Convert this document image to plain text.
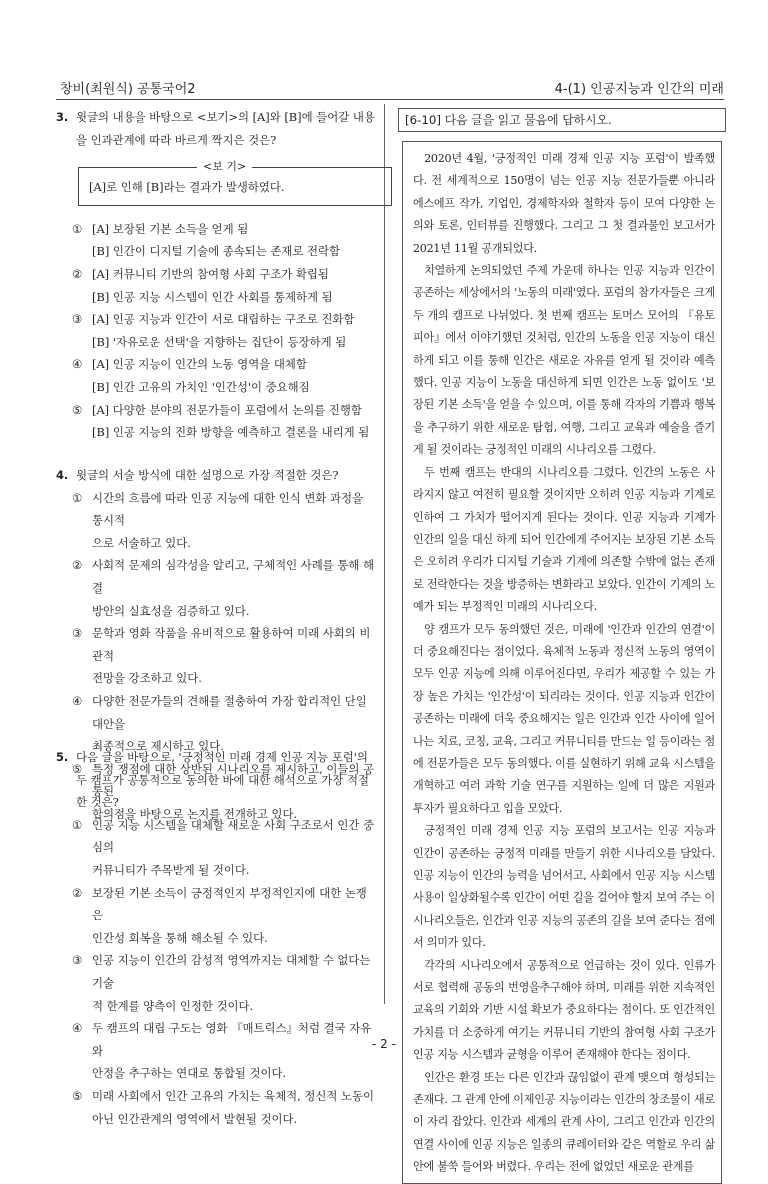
창비(최원식) 공통국어2	4-(1) 인공지능과 인간의 미래
3. 윗글의 내용을 바탕으로 <보기>의 [A]와 [B]에 들어갈 내용을 인과관계에 따라 바르게 짝지은 것은?
<보 기>
[A]로 인해 [B]라는 결과가 발생하였다.
① [A] 보장된 기본 소득을 얻게 됨
[B] 인간이 디지털 기술에 종속되는 존재로 전락함
② [A] 커뮤니티 기반의 참여형 사회 구조가 확립됨
[B] 인공 지능 시스템이 인간 사회를 통제하게 됨
③ [A] 인공 지능과 인간이 서로 대립하는 구조로 진화함
[B] '자유로운 선택'을 지향하는 집단이 등장하게 됨
④ [A] 인공 지능이 인간의 노동 영역을 대체함
[B] 인간 고유의 가치인 '인간성'이 중요해짐
⑤ [A] 다양한 분야의 전문가들이 포럼에서 논의를 진행함
[B] 인공 지능의 진화 방향을 예측하고 결론을 내리게 됨
4. 윗글의 서술 방식에 대한 설명으로 가장 적절한 것은?
① 시간의 흐름에 따라 인공 지능에 대한 인식 변화 과정을 통시적
으로 서술하고 있다.
② 사회적 문제의 심각성을 알리고, 구체적인 사례를 통해 해결
방안의 실효성을 검증하고 있다.
③ 문학과 영화 작품을 유비적으로 활용하여 미래 사회의 비관적
전망을 강조하고 있다.
④ 다양한 전문가들의 견해를 절충하여 가장 합리적인 단일 대안을
최종적으로 제시하고 있다.
⑤ 특정 쟁점에 대한 상반된 시나리오를 제시하고, 이들의 공통된
합의점을 바탕으로 논지를 전개하고 있다.
5. 다음 글을 바탕으로, '긍정적인 미래 경제 인공 지능 포럼'의 두 캠프가 공통적으로 동의한 바에 대한 해석으로 가장 적절한 것은?
① 인공 지능 시스템을 대체할 새로운 사회 구조로서 인간 중심의
커뮤니티가 주목받게 될 것이다.
② 보장된 기본 소득이 긍정적인지 부정적인지에 대한 논쟁은
인간성 회복을 통해 해소될 수 있다.
③ 인공 지능이 인간의 감성적 영역까지는 대체할 수 없다는 기술
적 한계를 양측이 인정한 것이다.
④ 두 캠프의 대립 구도는 영화 『매트릭스』처럼 결국 자유와
안정을 추구하는 연대로 통합될 것이다.
⑤ 미래 사회에서 인간 고유의 가치는 육체적, 정신적 노동이
아닌 인간관계의 영역에서 발현될 것이다.
[6-10] 다음 글을 읽고 물음에 답하시오.

2020년 4월, '긍정적인 미래 경제 인공 지능 포럼'이 발족했다. 전 세계적으로 150명이 넘는 인공 지능 전문가들뿐 아니라 에스에프 작가, 기업인, 경제학자와 철학자 등이 모여 다양한 논의와 토론, 인터뷰를 진행했다. 그리고 그 첫 결과물인 보고서가 2021년 11월 공개되었다.

치열하게 논의되었던 주제 가운데 하나는 인공 지능과 인간이 공존하는 세상에서의 '노동의 미래'였다. 포럼의 참가자들은 크게 두 개의 캠프로 나뉘었다. 첫 번째 캠프는 토머스 모어의 『유토피아』에서 이야기했던 것처럼, 인간의 노동을 인공 지능이 대신하게 되고 이를 통해 인간은 새로운 자유를 얻게 될 것이라 예측했다. 인공 지능이 노동을 대신하게 되면 인간은 노동 없이도 '보장된 기본 소득'을 얻을 수 있으며, 이를 통해 각자의 기쁨과 행복을 추구하기 위한 새로운 탐험, 여행, 그리고 교육과 예술을 즐기게 될 것이라는 긍정적인 미래의 시나리오를 그렸다.

두 번째 캠프는 반대의 시나리오를 그렸다. 인간의 노동은 사라지지 않고 여전히 필요할 것이지만 오히려 인공 지능과 기계로 인하여 그 가치가 떨어지게 된다는 것이다. 인공 지능과 기계가 인간의 일을 대신 하게 되어 인간에게 주어지는 보장된 기본 소득은 오히려 우리가 디지털 기술과 기계에 의존할 수밖에 없는 존재로 전락한다는 것을 방증하는 변화라고 보았다. 인간이 기계의 노예가 되는 부정적인 미래의 시나리오다.

양 캠프가 모두 동의했던 것은, 미래에 '인간과 인간의 연결'이 더 중요해진다는 점이었다. 육체적 노동과 정신적 노동의 영역이 모두 인공 지능에 의해 이루어진다면, 우리가 제공할 수 있는 가장 높은 가치는 '인간성'이 되리라는 것이다. 인공 지능과 인간이 공존하는 미래에 더욱 중요해지는 일은 인간과 인간 사이에 일어나는 치료, 코칭, 교육, 그리고 커뮤니티를 만드는 일 등이라는 점에 전문가들은 모두 동의했다. 이를 실현하기 위해 교육 시스템을 개혁하고 여러 과학 기술 연구를 지원하는 일에 더 많은 지원과 투자가 필요하다고 입을 모았다.

긍정적인 미래 경제 인공 지능 포럼의 보고서는 인공 지능과 인간이 공존하는 긍정적 미래를 만들기 위한 시나리오를 담았다. 인공 지능이 인간의 능력을 넘어서고, 사회에서 인공 지능 시스템 사용이 일상화될수록 인간이 어떤 길을 걸어야 할지 보여 주는 이 시나리오들은, 인간과 인공 지능의 공존의 길을 보여 준다는 점에서 의미가 있다.

각각의 시나리오에서 공통적으로 언급하는 것이 있다. 인류가 서로 협력해 공동의 번영을추구해야 하며, 미래를 위한 지속적인 교육의 기회와 기반 시설 확보가 중요하다는 점이다. 또 인간적인 가치를 더 소중하게 여기는 커뮤니티 기반의 참여형 사회 구조가 인공 지능 시스템과 균형을 이루어 존재해야 한다는 점이다.

인간은 환경 또는 다른 인간과 끊임없이 관계 맺으며 형성되는 존재다. 그 관계 안에 이제인공 지능이라는 인간의 창조물이 새로이 자리 잡았다. 인간과 세계의 관계 사이, 그리고 인간과 인간의 연결 사이에 인공 지능은 일종의 큐레이터와 같은 역할로 우리 삶 안에 불쑥 들어와 버렸다. 우리는 전에 없었던 새로운 관계를

- 2 -
